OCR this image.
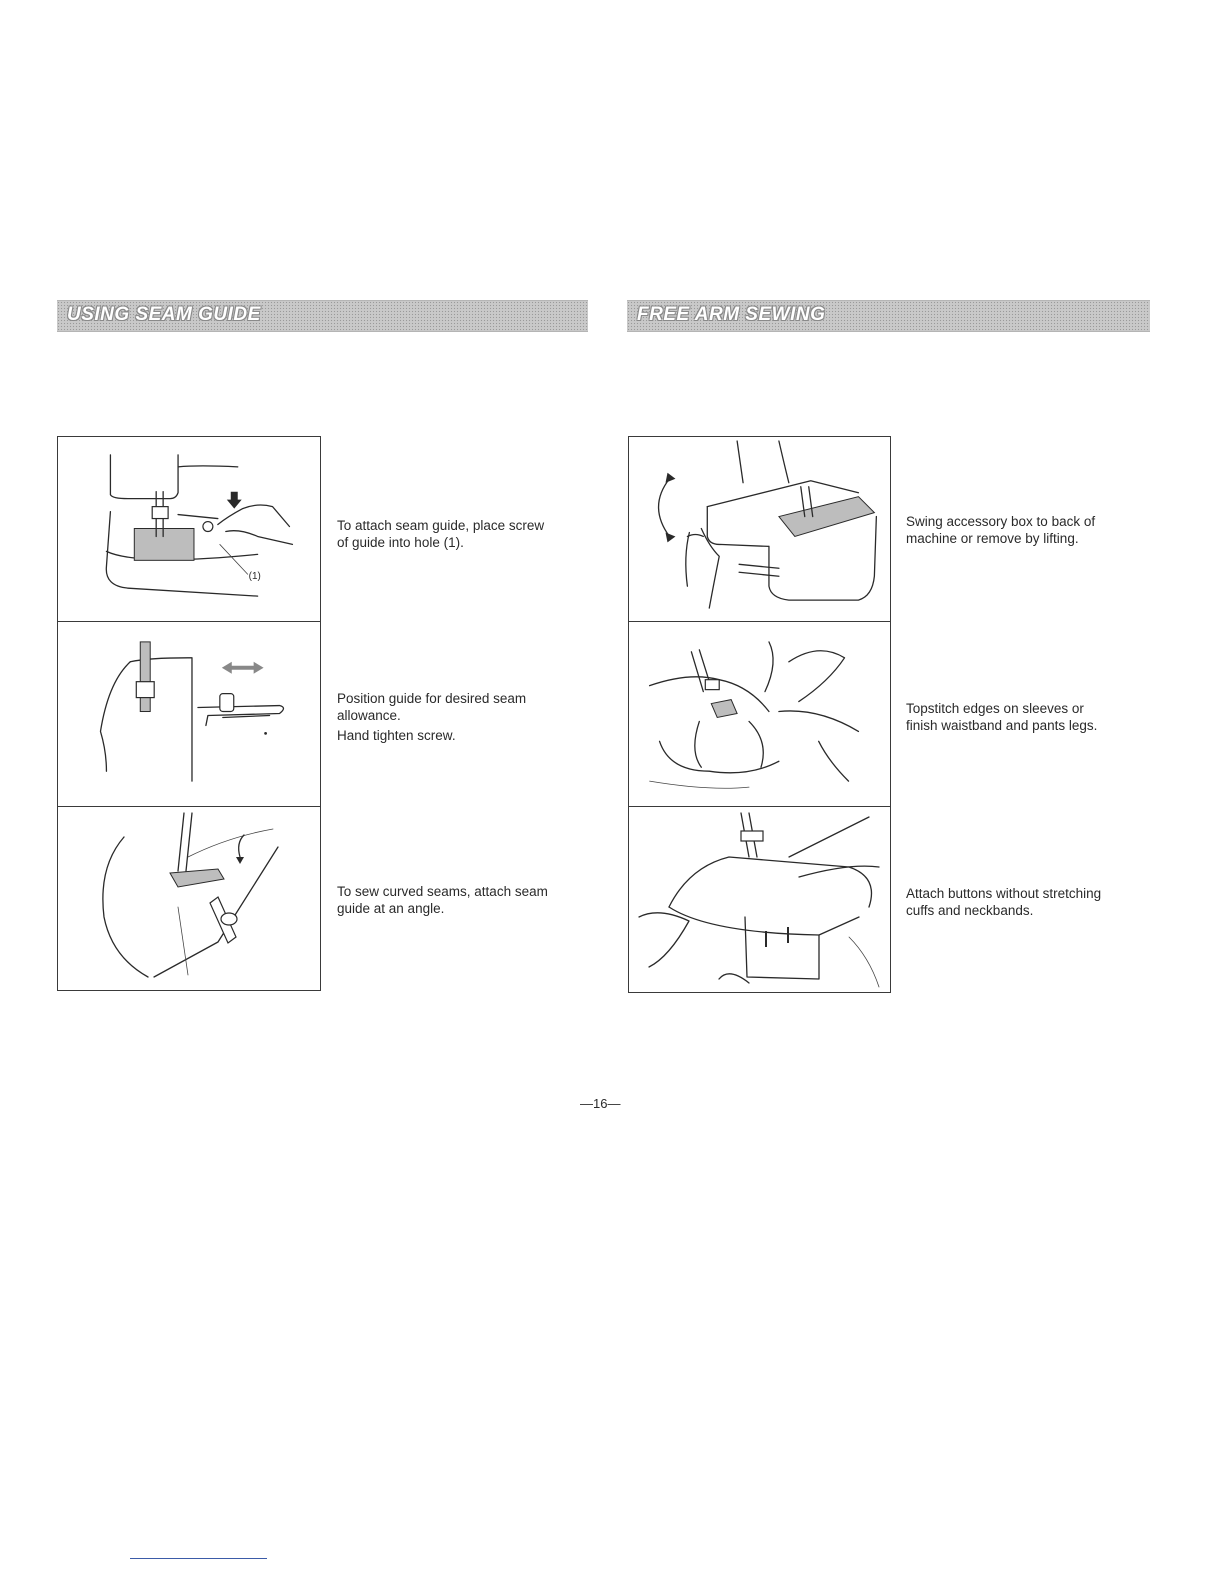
USING SEAM GUIDE	FREE ARM SEWING
(1)

To attach seam guide, place screw

of guide into hole (1).

Position guide for desired seam

allowance.

Hand tighten screw.

To sew curved seams, attach seam

guide at an angle.

Swing accessory box to back of

machine or remove by lifting.

Topstitch edges on sleeves or

finish waistband and pants legs.

Attach buttons without stretching

cuffs and neckbands.

—16—
